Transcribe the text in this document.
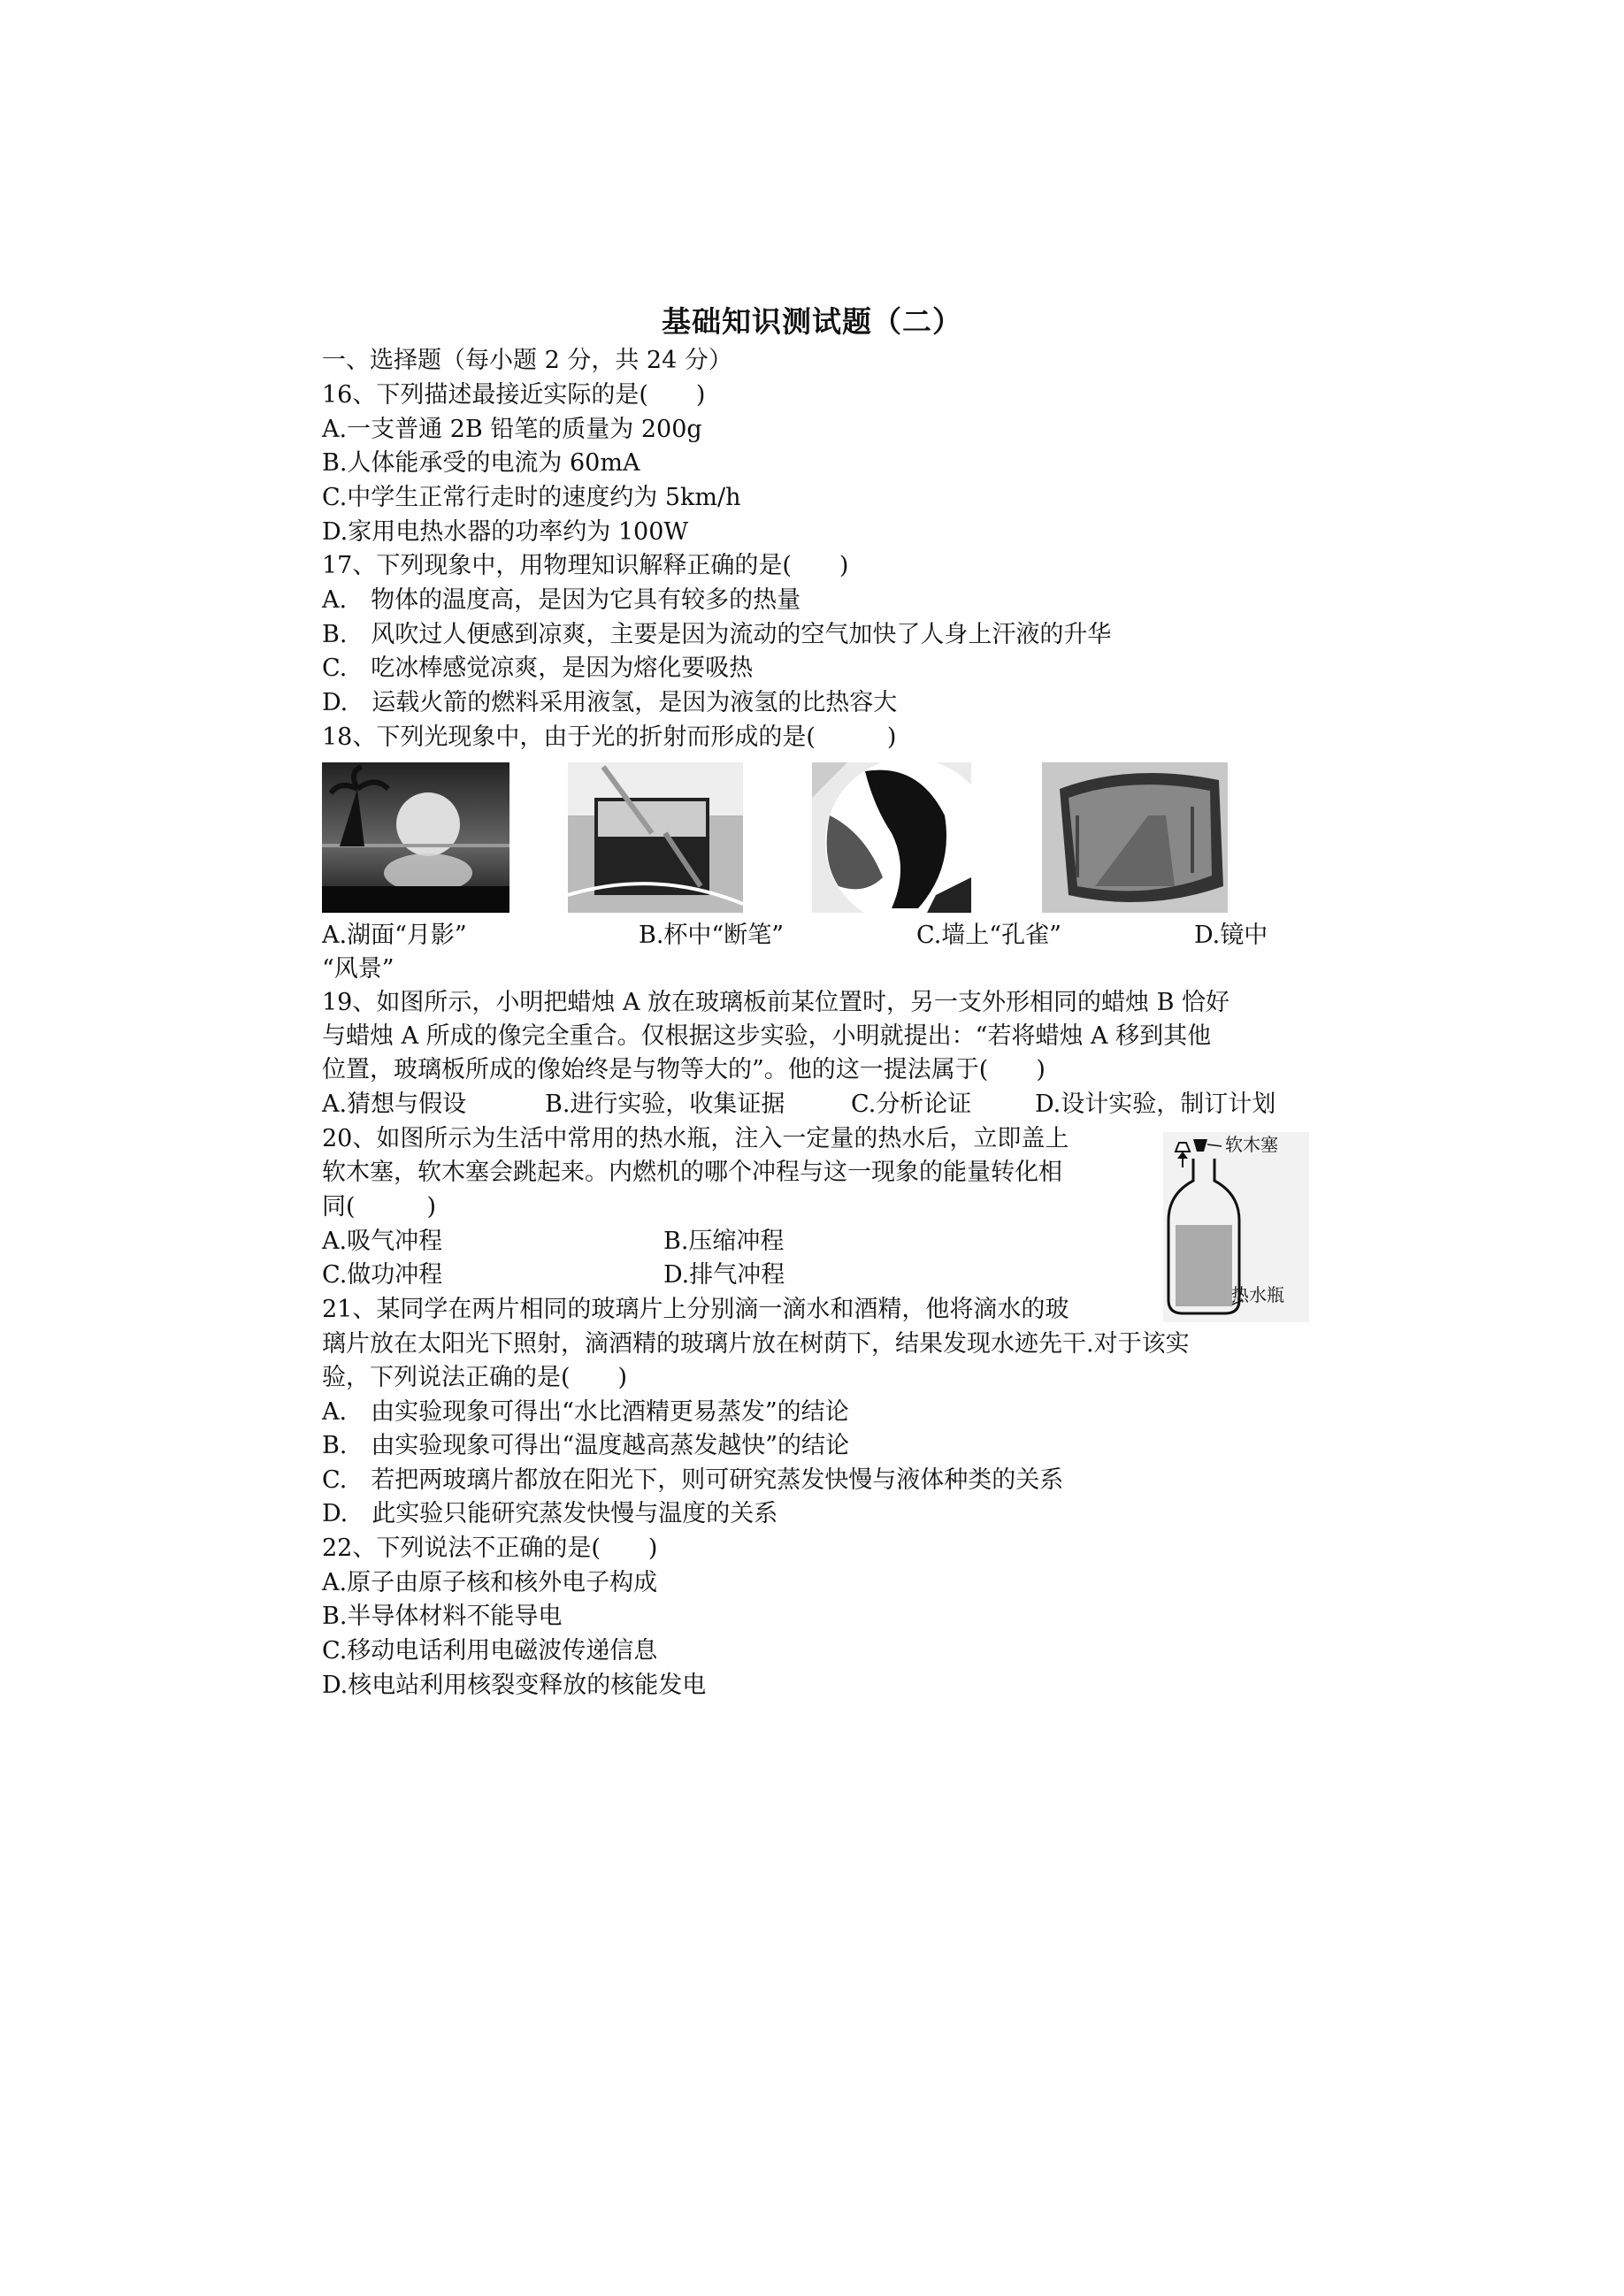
基础知识测试题（二）
一、选择题（每小题 2 分，共 24 分）
16、下列描述最接近实际的是(　　)
A.一支普通 2B 铅笔的质量为 200g
B.人体能承受的电流为 60mA
C.中学生正常行走时的速度约为 5km/h
D.家用电热水器的功率约为 100W
17、下列现象中，用物理知识解释正确的是(　　)
A.　物体的温度高，是因为它具有较多的热量
B.　风吹过人便感到凉爽，主要是因为流动的空气加快了人身上汗液的升华
C.　吃冰棒感觉凉爽，是因为熔化要吸热
D.　运载火箭的燃料采用液氢，是因为液氢的比热容大
18、下列光现象中，由于光的折射而形成的是(　　　)
A.湖面“月影”	B.杯中“断笔”	C.墙上“孔雀”	D.镜中
“风景”
19、如图所示，小明把蜡烛 A 放在玻璃板前某位置时，另一支外形相同的蜡烛 B 恰好
与蜡烛 A 所成的像完全重合。仅根据这步实验，小明就提出：“若将蜡烛 A 移到其他
位置，玻璃板所成的像始终是与物等大的”。他的这一提法属于(　　)
A.猜想与假设	B.进行实验，收集证据	C.分析论证	D.设计实验，制订计划
20、如图所示为生活中常用的热水瓶，注入一定量的热水后，立即盖上
软木塞，软木塞会跳起来。内燃机的哪个冲程与这一现象的能量转化相
同(　　　)
A.吸气冲程	B.压缩冲程
C.做功冲程	D.排气冲程
软木塞
热水瓶
21、某同学在两片相同的玻璃片上分别滴一滴水和酒精，他将滴水的玻
璃片放在太阳光下照射，滴酒精的玻璃片放在树荫下，结果发现水迹先干.对于该实
验，下列说法正确的是(　　)
A.　由实验现象可得出“水比酒精更易蒸发”的结论
B.　由实验现象可得出“温度越高蒸发越快”的结论
C.　若把两玻璃片都放在阳光下，则可研究蒸发快慢与液体种类的关系
D.　此实验只能研究蒸发快慢与温度的关系
22、下列说法不正确的是(　　)
A.原子由原子核和核外电子构成
B.半导体材料不能导电
C.移动电话利用电磁波传递信息
D.核电站利用核裂变释放的核能发电
